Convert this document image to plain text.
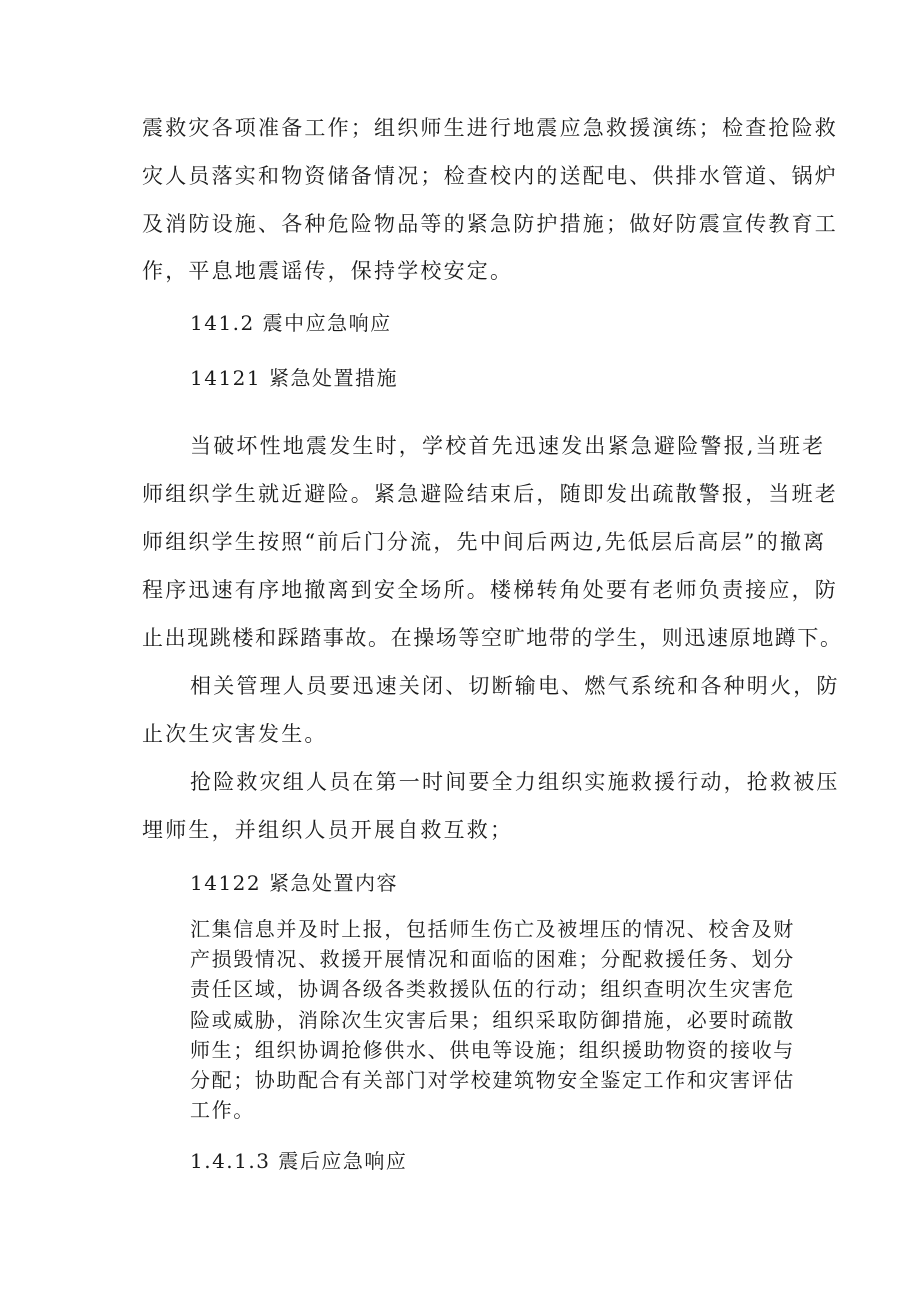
震救灾各项准备工作；组织师生进行地震应急救援演练；检查抢险救
灾人员落实和物资储备情况；检查校内的送配电、供排水管道、锅炉
及消防设施、各种危险物品等的紧急防护措施；做好防震宣传教育工
作，平息地震谣传，保持学校安定。
141.2 震中应急响应
14121 紧急处置措施
当破坏性地震发生时，学校首先迅速发出紧急避险警报,当班老
师组织学生就近避险。紧急避险结束后，随即发出疏散警报，当班老
师组织学生按照“前后门分流，先中间后两边,先低层后高层”的撤离
程序迅速有序地撤离到安全场所。楼梯转角处要有老师负责接应，防
止出现跳楼和踩踏事故。在操场等空旷地带的学生，则迅速原地蹲下。
相关管理人员要迅速关闭、切断输电、燃气系统和各种明火，防
止次生灾害发生。
抢险救灾组人员在第一时间要全力组织实施救援行动，抢救被压
埋师生，并组织人员开展自救互救；
14122 紧急处置内容
汇集信息并及时上报，包括师生伤亡及被埋压的情况、校舍及财
产损毁情况、救援开展情况和面临的困难；分配救援任务、划分
责任区域，协调各级各类救援队伍的行动；组织查明次生灾害危
险或威胁，消除次生灾害后果；组织采取防御措施，必要时疏散
师生；组织协调抢修供水、供电等设施；组织援助物资的接收与
分配；协助配合有关部门对学校建筑物安全鉴定工作和灾害评估
工作。
1.4.1.3 震后应急响应
